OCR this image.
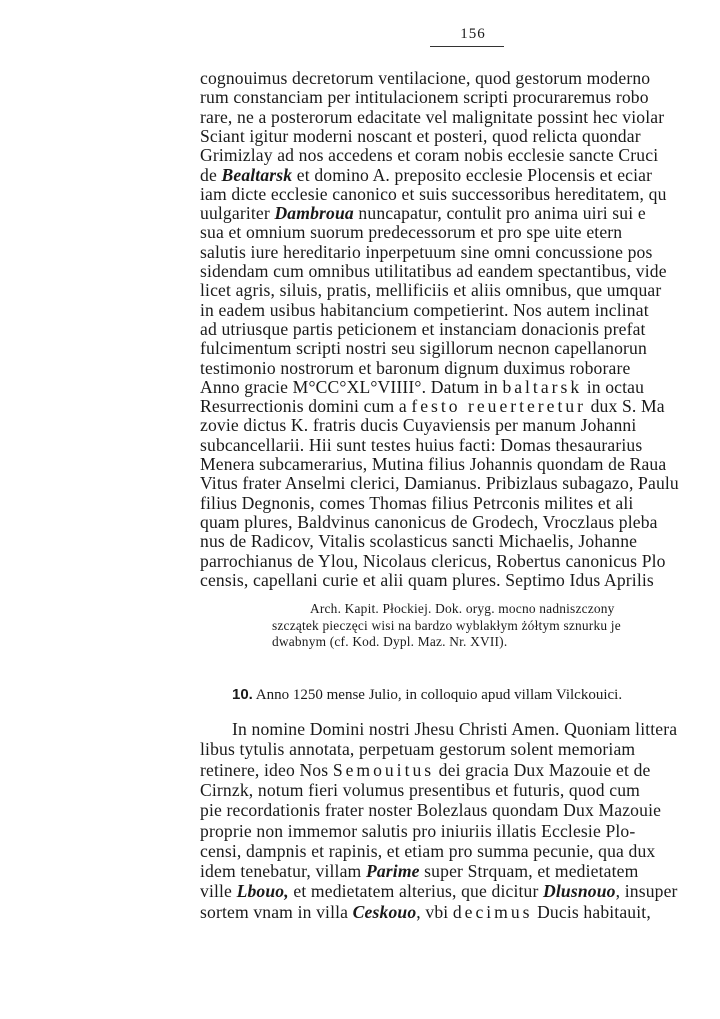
156
cognouimus decretorum ventilacione, quod gestorum moderno
rum constanciam per intitulacionem scripti procuraremus robo
rare, ne a posterorum edacitate vel malignitate possint hec violar
Sciant igitur moderni noscant et posteri, quod relicta quondar
Grimizlay ad nos accedens et coram nobis ecclesie sancte Cruci
de Bealtarsk et domino A. preposito ecclesie Plocensis et eciar
iam dicte ecclesie canonico et suis successoribus hereditatem, qu
uulgariter Dambroua nuncapatur, contulit pro anima uiri sui e
sua et omnium suorum predecessorum et pro spe uite etern
salutis iure hereditario inperpetuum sine omni concussione pos
sidendam cum omnibus utilitatibus ad eandem spectantibus, vide
licet agris, siluis, pratis, mellificiis et aliis omnibus, que umquar
in eadem usibus habitancium competierint. Nos autem inclinat
ad utriusque partis peticionem et instanciam donacionis prefat
fulcimentum scripti nostri seu sigillorum necnon capellanorun
testimonio nostrorum et baronum dignum duximus roborare
Anno gracie M°CC°XL°VIIII°. Datum in baltarsk in octau
Resurrectionis domini cum a festo reuerteretur dux S. Ma
zovie dictus K. fratris ducis Cuyaviensis per manum Johanni
subcancellarii. Hii sunt testes huius facti: Domas thesaurarius
Menera subcamerarius, Mutina filius Johannis quondam de Raua
Vitus frater Anselmi clerici, Damianus. Pribizlaus subagazo, Paulu
filius Degnonis, comes Thomas filius Petrconis milites et ali
quam plures, Baldvinus canonicus de Grodech, Vroczlaus pleba
nus de Radicov, Vitalis scolasticus sancti Michaelis, Johanne
parrochianus de Ylou, Nicolaus clericus, Robertus canonicus Plo
censis, capellani curie et alii quam plures. Septimo Idus Aprilis
Arch. Kapit. Płockiej. Dok. oryg. mocno nadniszczony
szczątek pieczęci wisi na bardzo wyblakłym żółtym sznurku je
dwabnym (cf. Kod. Dypl. Maz. Nr. XVII).
10. Anno 1250 mense Julio, in colloquio apud villam Vilckouici.
In nomine Domini nostri Jhesu Christi Amen. Quoniam littera
libus tytulis annotata, perpetuam gestorum solent memoriam
retinere, ideo Nos Semouitus dei gracia Dux Mazouie et de
Cirnzk, notum fieri volumus presentibus et futuris, quod cum
pie recordationis frater noster Bolezlaus quondam Dux Mazouie
proprie non immemor salutis pro iniuriis illatis Ecclesie Plo-
censi, dampnis et rapinis, et etiam pro summa pecunie, qua dux
idem tenebatur, villam Parime super Strquam, et medietatem
ville Lbouo, et medietatem alterius, que dicitur Dlusnouo, insuper
sortem vnam in villa Ceskouo, vbi decimus Ducis habitauit,
